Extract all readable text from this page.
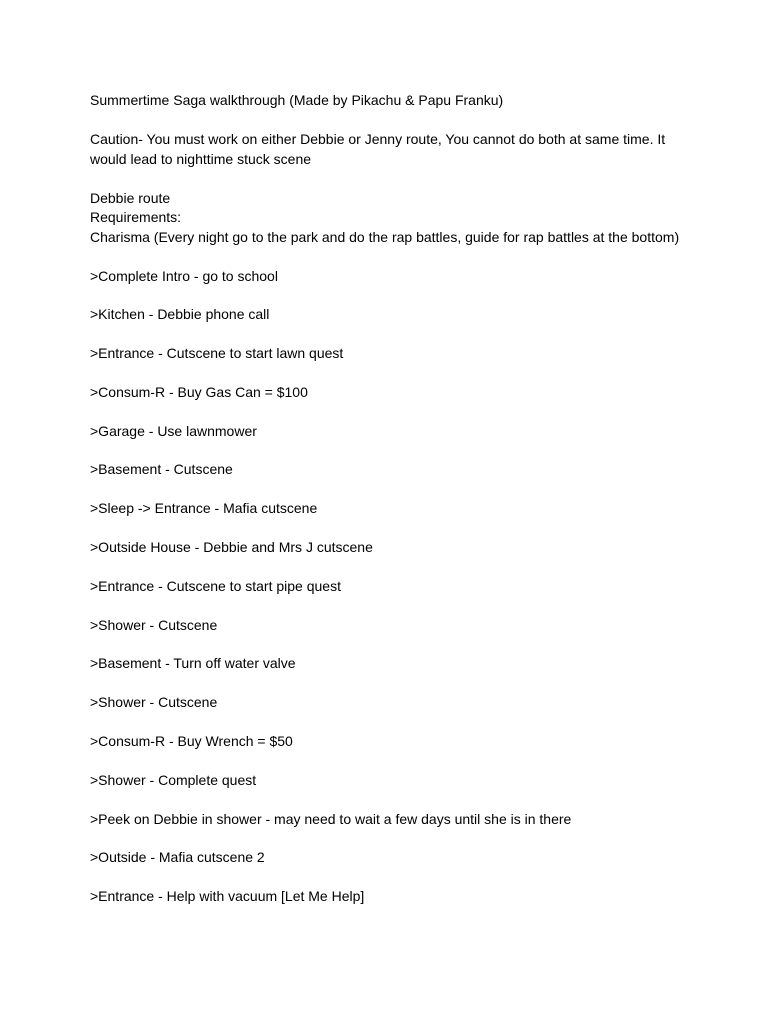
Summertime Saga walkthrough (Made by Pikachu & Papu Franku)

Caution- You must work on either Debbie or Jenny route, You cannot do both at same time. It would lead to nighttime stuck scene

Debbie route
Requirements:
Charisma (Every night go to the park and do the rap battles, guide for rap battles at the bottom)
>Complete Intro - go to school
>Kitchen - Debbie phone call
>Entrance - Cutscene to start lawn quest
>Consum-R - Buy Gas Can = $100
>Garage - Use lawnmower
>Basement - Cutscene
>Sleep -> Entrance - Mafia cutscene
>Outside House - Debbie and Mrs J cutscene
>Entrance - Cutscene to start pipe quest
>Shower - Cutscene
>Basement - Turn off water valve
>Shower - Cutscene
>Consum-R - Buy Wrench = $50
>Shower - Complete quest
>Peek on Debbie in shower - may need to wait a few days until she is in there
>Outside - Mafia cutscene 2
>Entrance - Help with vacuum [Let Me Help]
